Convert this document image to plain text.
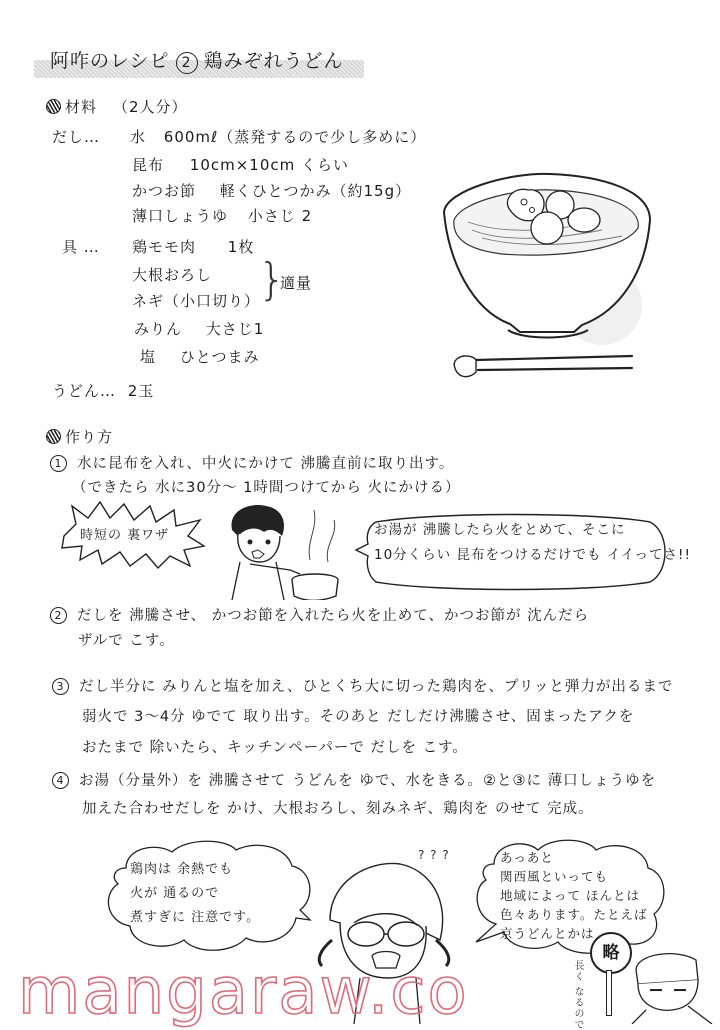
阿咋のレシピ 2 鶏みぞれうどん
材料 （2人分）
だし… 水 600mℓ（蒸発するので少し多めに）
昆布 10cm×10cm くらい
かつお節 軽くひとつかみ（約15g）
薄口しょうゆ 小さじ 2
具 … 鶏モモ肉 1枚
大根おろし
ネギ（小口切り）
}
適量
みりん 大さじ1
塩 ひとつまみ
うどん… 2玉
作り方
1 水に昆布を入れ、中火にかけて 沸騰直前に取り出す。
（できたら 水に30分〜 1時間つけてから 火にかける）
時短の 裏ワザ	お湯が 沸騰したら火をとめて、そこに
10分くらい 昆布をつけるだけでも イイってさ!!
2 だしを 沸騰させ、 かつお節を入れたら火を止めて、かつお節が 沈んだら
ザルで こす。
3 だし半分に みりんと塩を加え、ひとくち大に切った鶏肉を、プリッと弾力が出るまで
弱火で 3〜4分 ゆでて 取り出す。そのあと だしだけ沸騰させ、固まったアクを
おたまで 除いたら、キッチンペーパーで だしを こす。
4 お湯（分量外）を 沸騰させて うどんを ゆで、水をきる。②と③に 薄口しょうゆを
加えた合わせだしを かけ、大根おろし、刻みネギ、鶏肉を のせて 完成。
鶏肉は 余熱でも
火が 通るので
煮すぎに 注意です。
? ? ?	あっあと
関西風といっても
地域によって ほんとは
色々あります。たとえば
京うどんとかは
略
長く なるので
mangaraw.co
